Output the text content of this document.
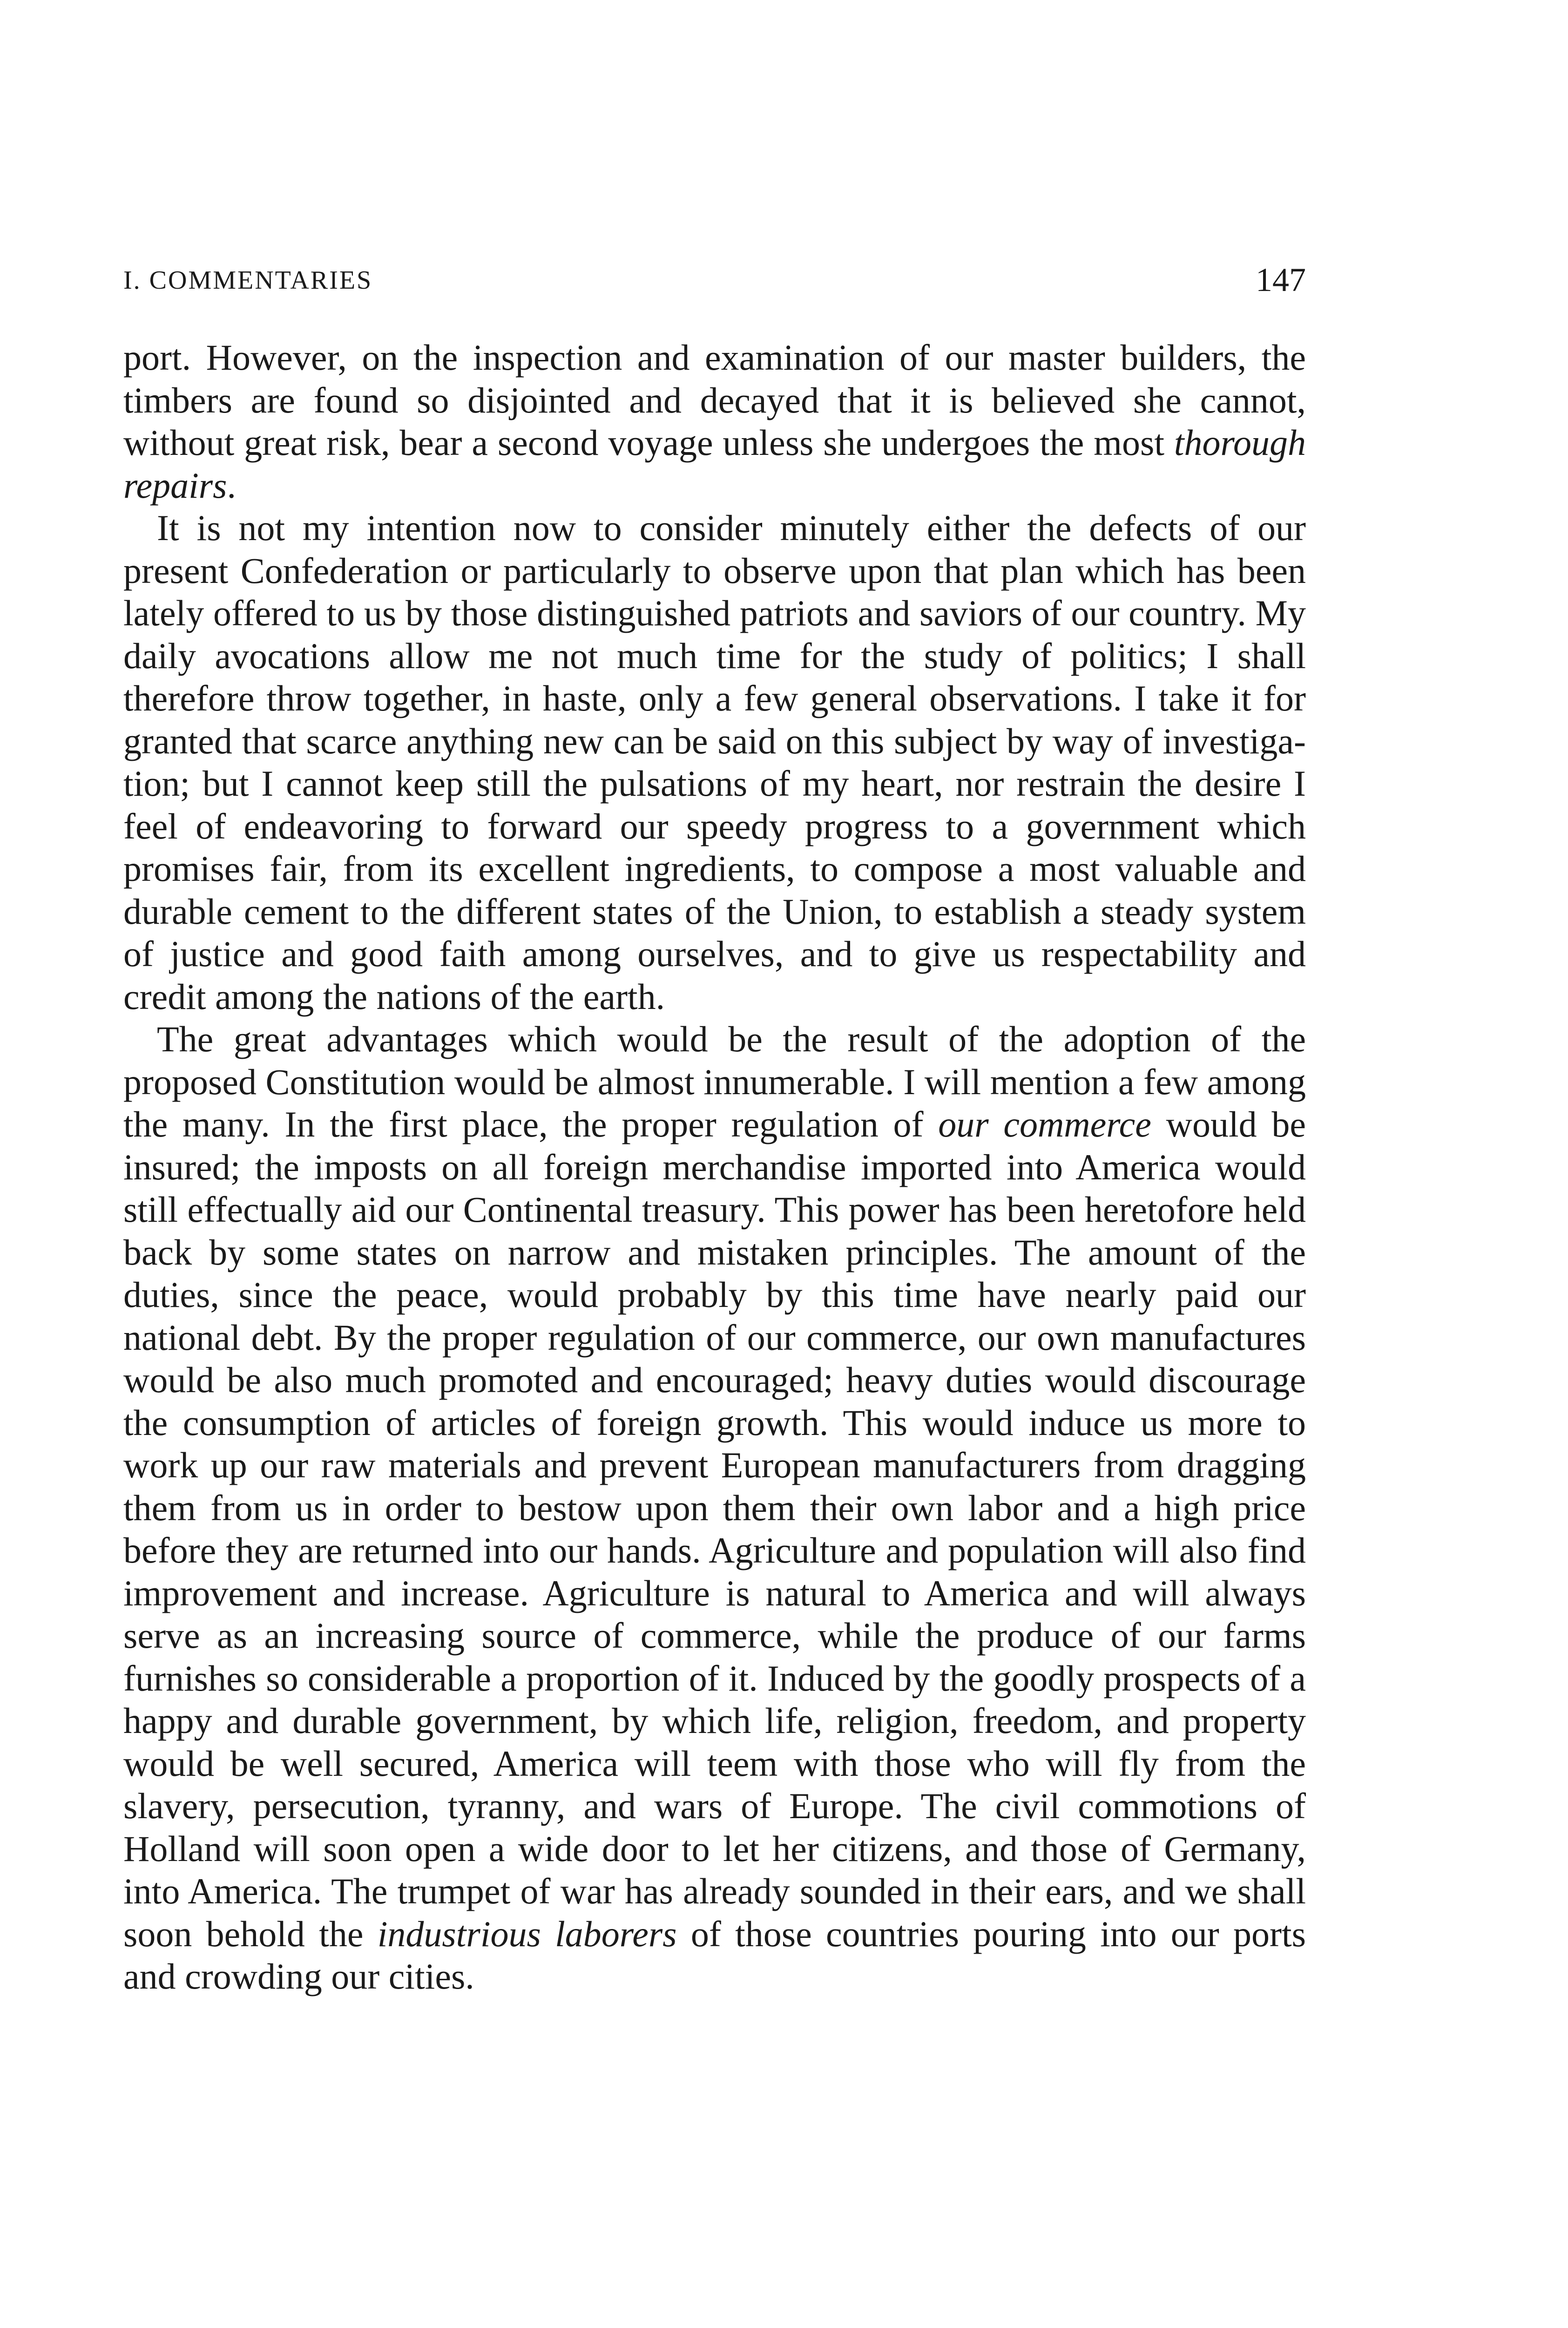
I. COMMENTARIES	147

port. However, on the inspection and examination of our master builders, the timbers are found so disjointed and decayed that it is believed she cannot, without great risk, bear a second voyage unless she undergoes the most thorough repairs.

It is not my intention now to consider minutely either the defects of our present Confederation or particularly to observe upon that plan which has been lately offered to us by those distinguished patriots and saviors of our country. My daily avocations allow me not much time for the study of politics; I shall therefore throw together, in haste, only a few general observations. I take it for granted that scarce anything new can be said on this subject by way of investigation; but I cannot keep still the pulsations of my heart, nor restrain the desire I feel of endeavoring to forward our speedy progress to a government which promises fair, from its excellent ingredients, to compose a most valuable and durable cement to the different states of the Union, to establish a steady system of justice and good faith among ourselves, and to give us respectability and credit among the nations of the earth.

The great advantages which would be the result of the adoption of the proposed Constitution would be almost innumerable. I will mention a few among the many. In the first place, the proper regulation of our commerce would be insured; the imposts on all foreign merchandise imported into America would still effectually aid our Continental treasury. This power has been heretofore held back by some states on narrow and mistaken principles. The amount of the duties, since the peace, would probably by this time have nearly paid our national debt. By the proper regulation of our commerce, our own manufactures would be also much promoted and encouraged; heavy duties would discourage the consumption of articles of foreign growth. This would induce us more to work up our raw materials and prevent European manufacturers from dragging them from us in order to bestow upon them their own labor and a high price before they are returned into our hands. Agriculture and population will also find improvement and increase. Agriculture is natural to America and will always serve as an increasing source of commerce, while the produce of our farms furnishes so considerable a proportion of it. Induced by the goodly prospects of a happy and durable government, by which life, religion, freedom, and property would be well secured, America will teem with those who will fly from the slavery, persecution, tyranny, and wars of Europe. The civil commotions of Holland will soon open a wide door to let her citizens, and those of Germany, into America. The trumpet of war has already sounded in their ears, and we shall soon behold the industrious laborers of those countries pouring into our ports and crowding our cities.
